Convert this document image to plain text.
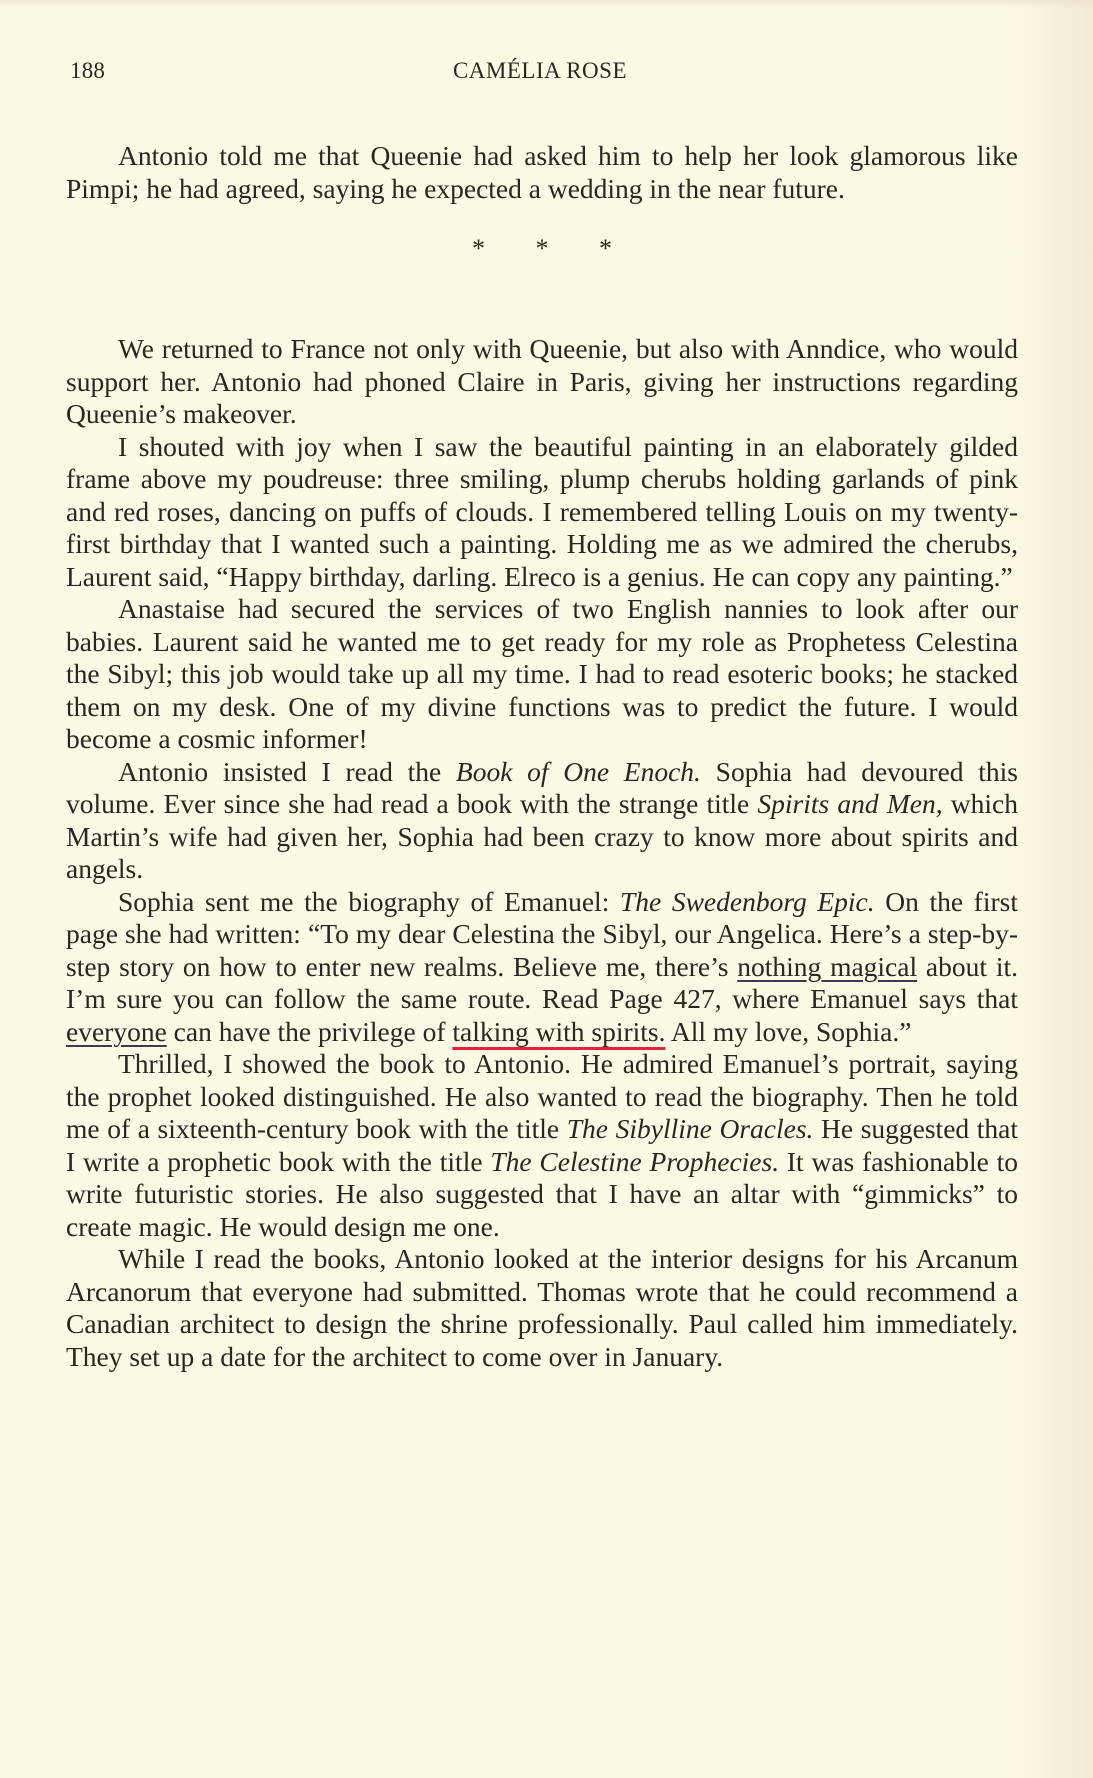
188	CAMÉLIA ROSE

Antonio told me that Queenie had asked him to help her look glamorous like Pimpi; he had agreed, saying he expected a wedding in the near future.

* * *

We returned to France not only with Queenie, but also with Anndice, who would support her. Antonio had phoned Claire in Paris, giving her instructions regarding Queenie’s makeover.

I shouted with joy when I saw the beautiful painting in an elaborately gilded frame above my poudreuse: three smiling, plump cherubs holding garlands of pink and red roses, dancing on puffs of clouds. I remembered telling Louis on my twenty-first birthday that I wanted such a painting. Holding me as we admired the cherubs, Laurent said, “Happy birthday, darling. Elreco is a genius. He can copy any painting.”

Anastaise had secured the services of two English nannies to look after our babies. Laurent said he wanted me to get ready for my role as Prophetess Celestina the Sibyl; this job would take up all my time. I had to read esoteric books; he stacked them on my desk. One of my divine functions was to predict the future. I would become a cosmic informer!

Antonio insisted I read the Book of One Enoch. Sophia had devoured this volume. Ever since she had read a book with the strange title Spirits and Men, which Martin’s wife had given her, Sophia had been crazy to know more about spirits and angels.

Sophia sent me the biography of Emanuel: The Swedenborg Epic. On the first page she had written: “To my dear Celestina the Sibyl, our Angelica. Here’s a step-by-step story on how to enter new realms. Believe me, there’s nothing magical about it. I’m sure you can follow the same route. Read Page 427, where Emanuel says that everyone can have the privilege of talking with spirits. All my love, Sophia.”

Thrilled, I showed the book to Antonio. He admired Emanuel’s portrait, saying the prophet looked distinguished. He also wanted to read the biography. Then he told me of a sixteenth-century book with the title The Sibylline Oracles. He suggested that I write a prophetic book with the title The Celestine Prophecies. It was fashionable to write futuristic stories. He also suggested that I have an altar with “gimmicks” to create magic. He would design me one.

While I read the books, Antonio looked at the interior designs for his Arcanum Arcanorum that everyone had submitted. Thomas wrote that he could recommend a Canadian architect to design the shrine professionally. Paul called him immediately. They set up a date for the architect to come over in January.
